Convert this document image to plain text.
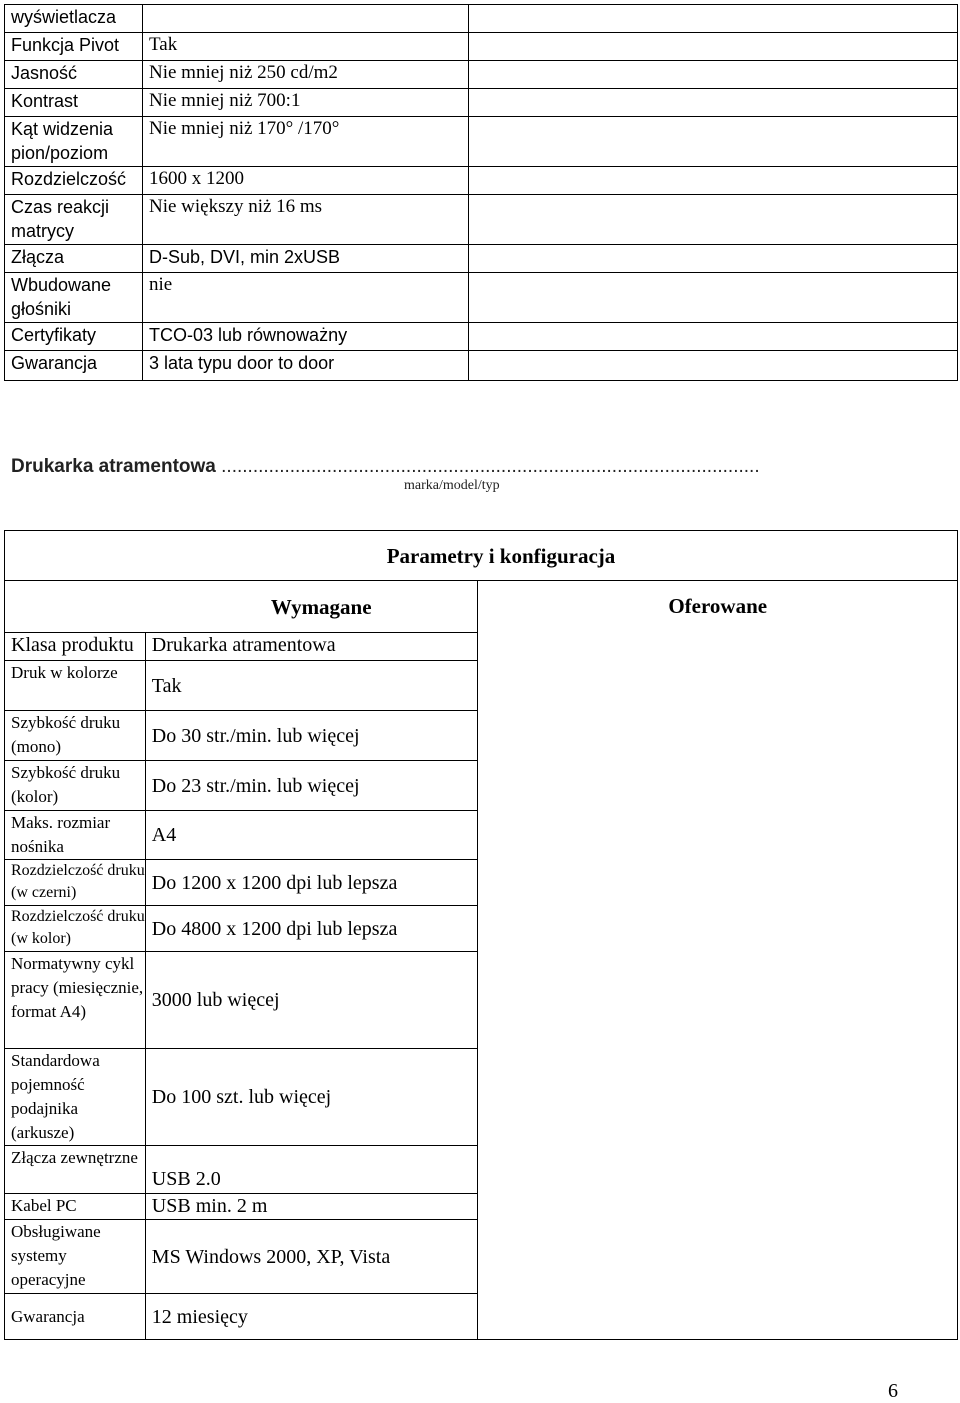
wyświetlacza		
Funkcja Pivot	Tak	
Jasność	Nie mniej niż 250 cd/m2	
Kontrast	Nie mniej niż 700:1	
Kąt widzenia pion/poziom	Nie mniej niż 170° /170°	
Rozdzielczość	1600 x 1200	
Czas reakcji matrycy	Nie większy niż 16 ms	
Złącza	D-Sub, DVI, min 2xUSB	
Wbudowane głośniki	nie	
Certyfikaty	TCO-03 lub równoważny	
Gwarancja	3 lata typu door to door	
Drukarka atramentowa ......................................................................................................
marka/model/typ
Parametry i konfiguracja		

Wymagane		Oferowane
Klasa produktu	Drukarka atramentowa	
Druk w kolorze	Tak	
Szybkość druku (mono)	Do 30 str./min. lub więcej	
Szybkość druku (kolor)	Do 23 str./min. lub więcej	
Maks. rozmiar nośnika	A4	
Rozdzielczość druku (w czerni)	Do 1200 x 1200 dpi lub lepsza	
Rozdzielczość druku (w kolor)	Do 4800 x 1200 dpi lub lepsza	
Normatywny cykl pracy (miesięcznie, format A4)	3000 lub więcej	
Standardowa pojemność podajnika (arkusze)	Do 100 szt. lub więcej	
Złącza zewnętrzne	USB 2.0	
Kabel PC	USB min. 2 m	
Obsługiwane systemy operacyjne	MS Windows 2000, XP, Vista	
Gwarancja	12 miesięcy	
6
